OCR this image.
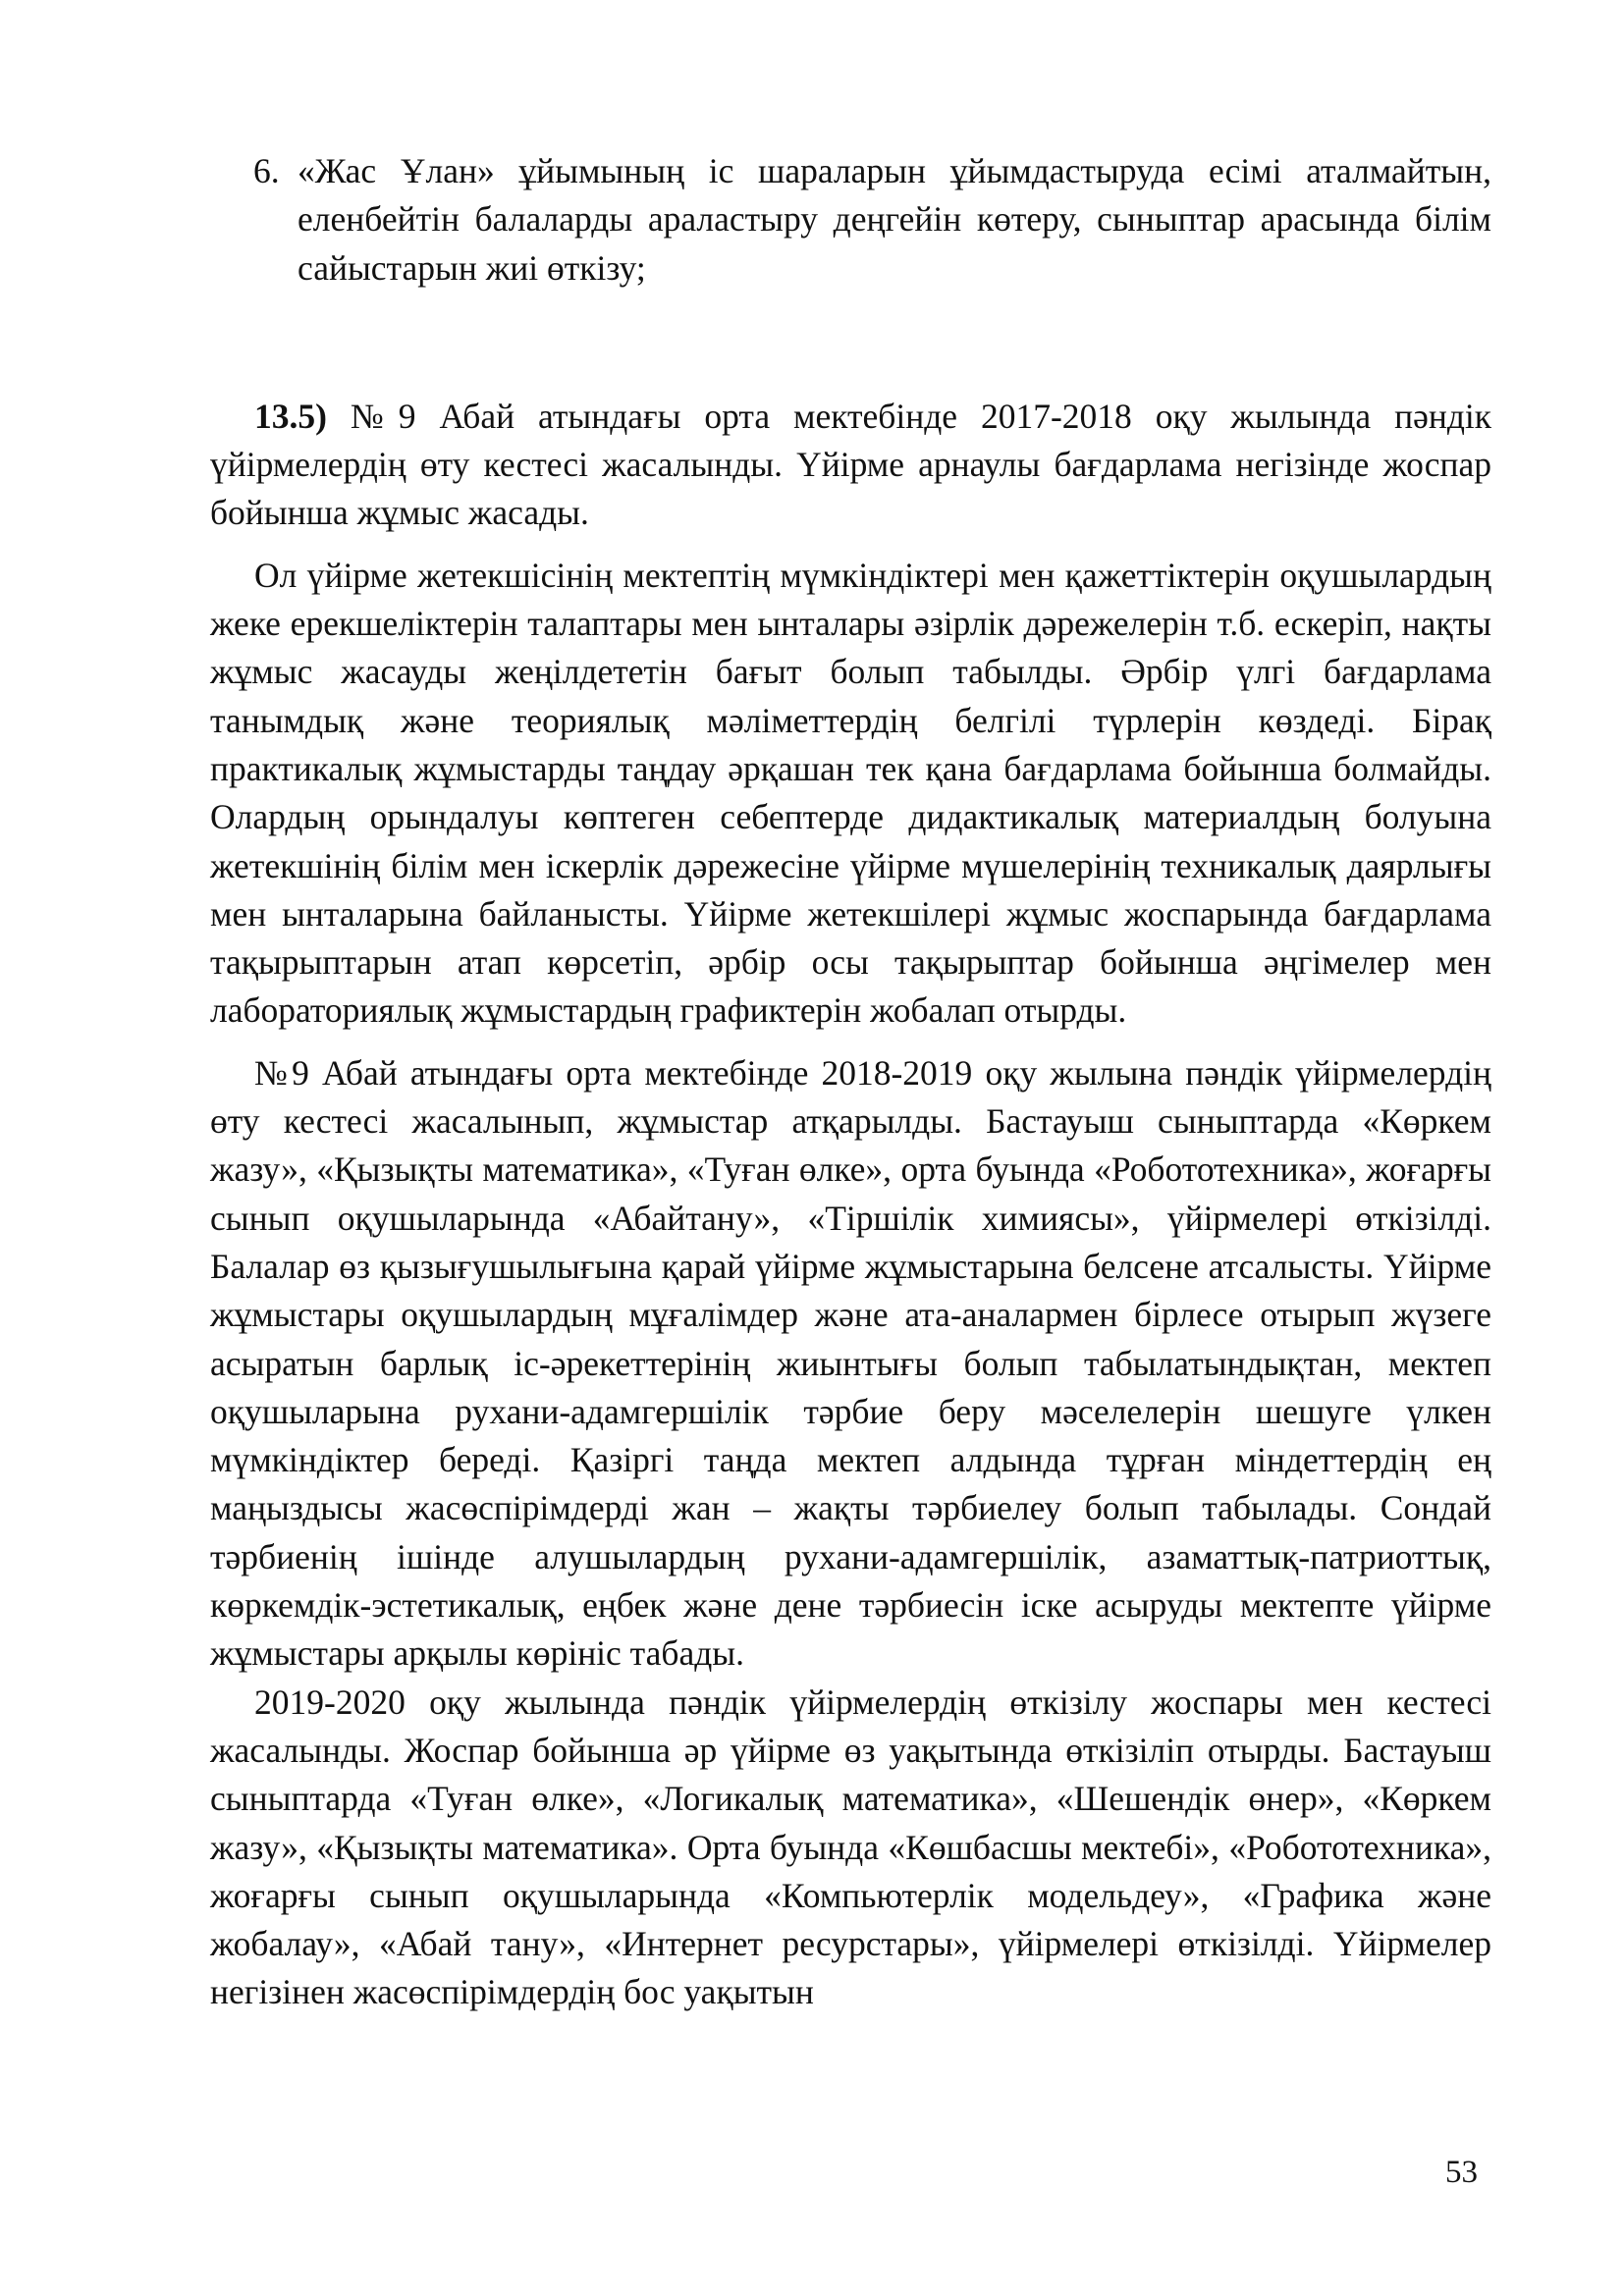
6. «Жас Ұлан» ұйымының іс шараларын ұйымдастыруда есімі аталмайтын, еленбейтін балаларды араластыру деңгейін көтеру, сыныптар арасында білім сайыстарын жиі өткізу;

13.5) №9 Абай атындағы орта мектебінде 2017-2018 оқу жылында пәндік үйірмелердің өту кестесі жасалынды. Үйірме арнаулы бағдарлама негізінде жоспар бойынша жұмыс жасады.

Ол үйірме жетекшісінің мектептің мүмкіндіктері мен қажеттіктерін оқушылардың жеке ерекшеліктерін талаптары мен ынталары әзірлік дәрежелерін т.б. ескеріп, нақты жұмыс жасауды жеңілдететін бағыт болып табылды. Әрбір үлгі бағдарлама танымдық және теориялық мәліметтердің белгілі түрлерін көздеді. Бірақ практикалық жұмыстарды таңдау әрқашан тек қана бағдарлама бойынша болмайды. Олардың орындалуы көптеген себептерде дидактикалық материалдың болуына жетекшінің білім мен іскерлік дәрежесіне үйірме мүшелерінің техникалық даярлығы мен ынталарына байланысты. Үйірме жетекшілері жұмыс жоспарында бағдарлама тақырыптарын атап көрсетіп, әрбір осы тақырыптар бойынша әңгімелер мен лабораториялық жұмыстардың графиктерін жобалап отырды.

№9 Абай атындағы орта мектебінде 2018-2019 оқу жылына пәндік үйірмелердің өту кестесі жасалынып, жұмыстар атқарылды. Бастауыш сыныптарда «Көркем жазу», «Қызықты математика», «Туған өлке», орта буында «Робототехника», жоғарғы сынып оқушыларында «Абайтану», «Тіршілік химиясы», үйірмелері өткізілді. Балалар өз қызығушылығына қарай үйірме жұмыстарына белсене атсалысты. Үйірме жұмыстары оқушылардың мұғалімдер және ата-аналармен бірлесе отырып жүзеге асыратын барлық іс-әрекеттерінің жиынтығы болып табылатындықтан, мектеп оқушыларына рухани-адамгершілік тәрбие беру мәселелерін шешуге үлкен мүмкіндіктер береді. Қазіргі таңда мектеп алдында тұрған міндеттердің ең маңыздысы жасөспірімдерді жан – жақты тәрбиелеу болып табылады. Сондай тәрбиенің ішінде алушылардың рухани-адамгершілік, азаматтық-патриоттық, көркемдік-эстетикалық, еңбек және дене тәрбиесін іске асыруды мектепте үйірме жұмыстары арқылы көрініс табады.

2019-2020 оқу жылында пәндік үйірмелердің өткізілу жоспары мен кестесі жасалынды. Жоспар бойынша әр үйірме өз уақытында өткізіліп отырды. Бастауыш сыныптарда «Туған өлке», «Логикалық математика», «Шешендік өнер», «Көркем жазу», «Қызықты математика». Орта буында «Көшбасшы мектебі», «Робототехника», жоғарғы сынып оқушыларында «Компьютерлік модельдеу», «Графика және жобалау», «Абай тану», «Интернет ресурстары», үйірмелері өткізілді. Үйірмелер негізінен жасөспірімдердің бос уақытын

53
